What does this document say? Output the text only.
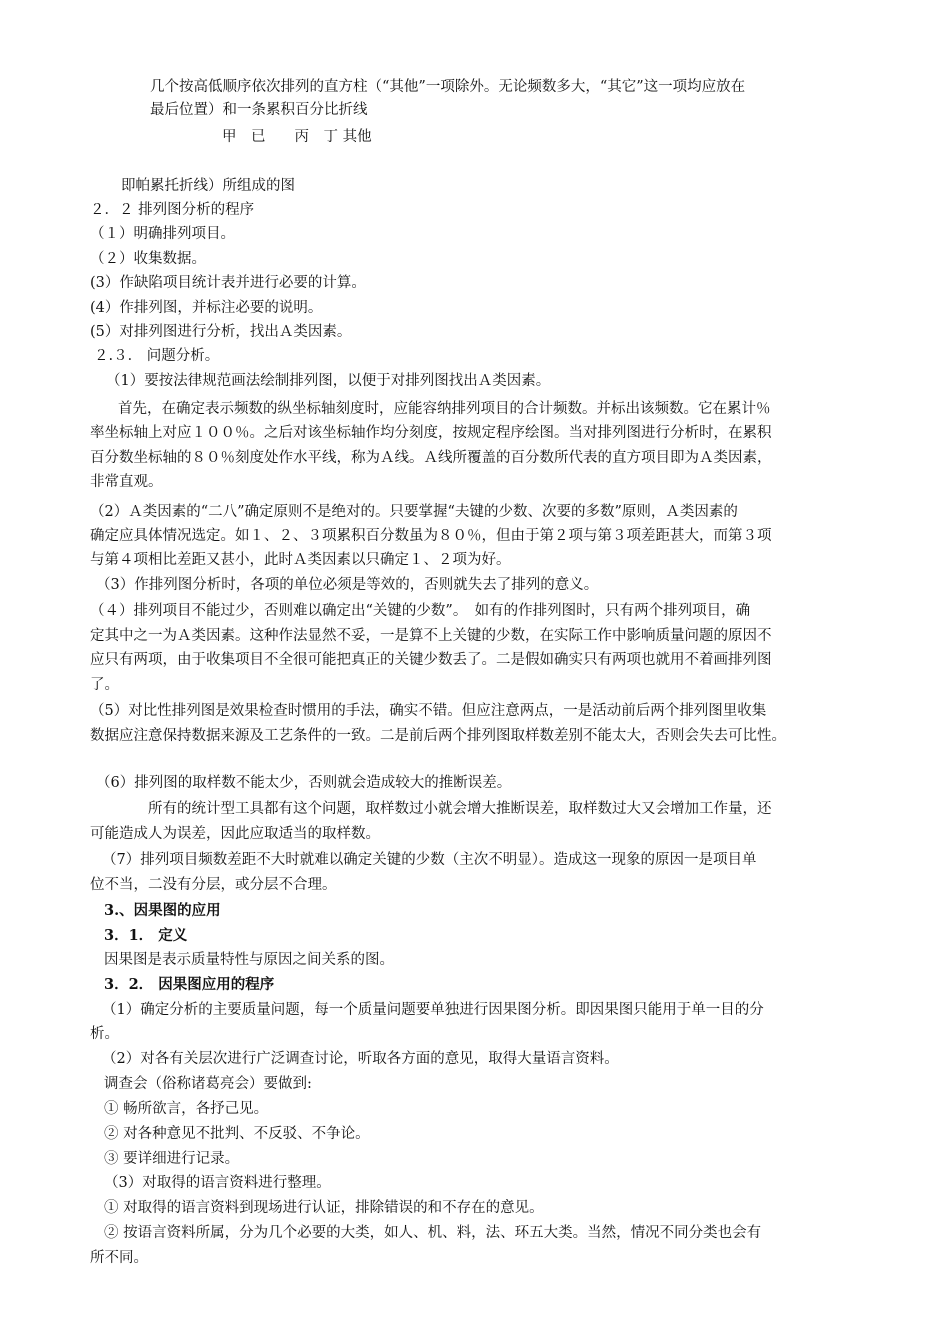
几个按高低顺序依次排列的直方柱（“其他”一项除外。无论频数多大，“其它”这一项均应放在
最后位置）和一条累积百分比折线
甲　已　　丙　丁 其他
即帕累托折线）所组成的图
２．２ 排列图分析的程序
（１）明确排列项目。
（２）收集数据。
(3）作缺陷项目统计表并进行必要的计算。
(4）作排列图，并标注必要的说明。
(5）对排列图进行分析，找出Ａ类因素。
２.３． 问题分析。
（1）要按法律规范画法绘制排列图，以便于对排列图找出Ａ类因素。
首先，在确定表示频数的纵坐标轴刻度时，应能容纳排列项目的合计频数。并标出该频数。它在累计％
率坐标轴上对应１００％。之后对该坐标轴作均分刻度，按规定程序绘图。当对排列图进行分析时，在累积
百分数坐标轴的８０％刻度处作水平线，称为Ａ线。Ａ线所覆盖的百分数所代表的直方项目即为Ａ类因素，
非常直观。
（2）Ａ类因素的“二八”确定原则不是绝对的。只要掌握“夫键的少数、次要的多数”原则，Ａ类因素的
确定应具体情况选定。如１、２、３项累积百分数虽为８０％，但由于第２项与第３项差距甚大，而第３项
与第４项相比差距又甚小，此时Ａ类因素以只确定１、２项为好。
（3）作排列图分析时，各项的单位必须是等效的，否则就失去了排列的意义。
（４）排列项目不能过少，否则难以确定出“关键的少数”。　如有的作排列图时，只有两个排列项目，确
定其中之一为Ａ类因素。这种作法显然不妥，一是算不上关键的少数，在实际工作中影响质量问题的原因不
应只有两项，由于收集项目不全很可能把真正的关键少数丢了。二是假如确实只有两项也就用不着画排列图
了。
（5）对比性排列图是效果检查时惯用的手法，确实不错。但应注意两点，一是活动前后两个排列图里收集
数据应注意保持数据来源及工艺条件的一致。二是前后两个排列图取样数差别不能太大，否则会失去可比性。
（6）排列图的取样数不能太少，否则就会造成较大的推断误差。
所有的统计型工具都有这个问题，取样数过小就会增大推断误差，取样数过大又会增加工作量，还
可能造成人为误差，因此应取适当的取样数。
（7）排列项目频数差距不大时就难以确定关键的少数（主次不明显）。造成这一现象的原因一是项目单
位不当，二没有分层，或分层不合理。
3.、因果图的应用
3．1． 定义
因果图是表示质量特性与原因之间关系的图。
3．2． 因果图应用的程序
（1）确定分析的主要质量问题，每一个质量问题要单独进行因果图分析。即因果图只能用于单一目的分
析。
（2）对各有关层次进行广泛调查讨论，听取各方面的意见，取得大量语言资料。
调查会（俗称诸葛亮会）要做到:
① 畅所欲言，各抒己见。
② 对各种意见不批判、不反驳、不争论。
③ 要详细进行记录。
（3）对取得的语言资料进行整理。
① 对取得的语言资料到现场进行认证，排除错误的和不存在的意见。
② 按语言资料所属，分为几个必要的大类，如人、机、料，法、环五大类。当然，情况不同分类也会有
所不同。
